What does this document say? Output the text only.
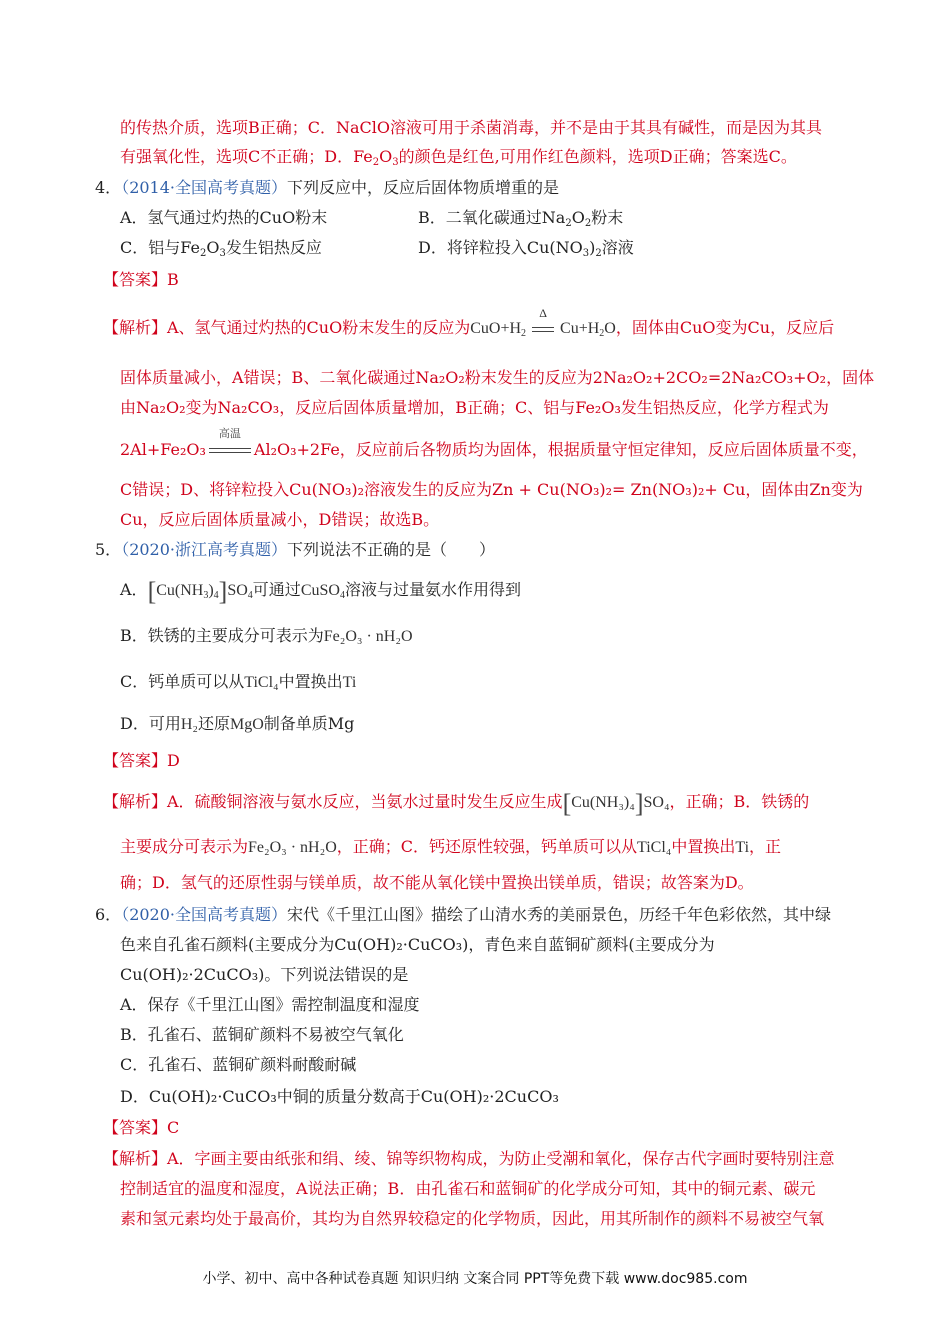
的传热介质，选项B正确；C．NaClO溶液可用于杀菌消毒，并不是由于其具有碱性，而是因为其具
有强氧化性，选项C不正确；D．$Fe_2O_3$的颜色是红色,可用作红色颜料，选项D正确；答案选C。
4．（2014·全国高考真题）下列反应中，反应后固体物质增重的是
A．氢气通过灼热的CuO粉末	B．二氧化碳通过$Na_2O_2$粉末
C．铝与$Fe_2O_3$发生铝热反应	D．将锌粒投入$Cu(NO_3)_2$溶液
【答案】B
【解析】A、氢气通过灼热的CuO粉末发生的反应为$CuO+H_2$
Δ
$Cu+H_2O$，固体由CuO变为Cu，反应后
固体质量减小，A错误；B、二氧化碳通过Na₂O₂粉末发生的反应为2Na₂O₂+2CO₂=2Na₂CO₃+O₂，固体
由Na₂O₂变为Na₂CO₃，反应后固体质量增加，B正确；C、铝与Fe₂O₃发生铝热反应，化学方程式为
2Al+Fe₂O₃
高温
Al₂O₃+2Fe，反应前后各物质均为固体，根据质量守恒定律知，反应后固体质量不变，
C错误；D、将锌粒投入Cu(NO₃)₂溶液发生的反应为Zn + Cu(NO₃)₂= Zn(NO₃)₂+ Cu，固体由Zn变为
Cu，反应后固体质量减小，D错误；故选B。
5．（2020·浙江高考真题）下列说法不正确的是（　　）
A．$[Cu(NH_3)_4]SO_4$可通过CuSO$_4$溶液与过量氨水作用得到
B．铁锈的主要成分可表示为Fe₂O₃ · nH₂O
C．钙单质可以从TiCl₄中置换出Ti
D．可用H₂还原MgO制备单质Mg
【答案】D
【解析】A．硫酸铜溶液与氨水反应，当氨水过量时发生反应生成[Cu(NH₃)₄]SO₄，正确；B．铁锈的
主要成分可表示为Fe₂O₃ · nH₂O，正确；C．钙还原性较强，钙单质可以从TiCl₄中置换出Ti，正
确；D．氢气的还原性弱与镁单质，故不能从氧化镁中置换出镁单质，错误；故答案为D。
6．（2020·全国高考真题）宋代《千里江山图》描绘了山清水秀的美丽景色，历经千年色彩依然，其中绿
色来自孔雀石颜料(主要成分为Cu(OH)₂·CuCO₃)，青色来自蓝铜矿颜料(主要成分为
Cu(OH)₂·2CuCO₃)。下列说法错误的是
A．保存《千里江山图》需控制温度和湿度
B．孔雀石、蓝铜矿颜料不易被空气氧化
C．孔雀石、蓝铜矿颜料耐酸耐碱
D．Cu(OH)₂·CuCO₃中铜的质量分数高于Cu(OH)₂·2CuCO₃
【答案】C
【解析】A．字画主要由纸张和绢、绫、锦等织物构成，为防止受潮和氧化，保存古代字画时要特别注意
控制适宜的温度和湿度，A说法正确；B．由孔雀石和蓝铜矿的化学成分可知，其中的铜元素、碳元
素和氢元素均处于最高价，其均为自然界较稳定的化学物质，因此，用其所制作的颜料不易被空气氧
小学、初中、高中各种试卷真题 知识归纳 文案合同 PPT等免费下载 www.doc985.com
